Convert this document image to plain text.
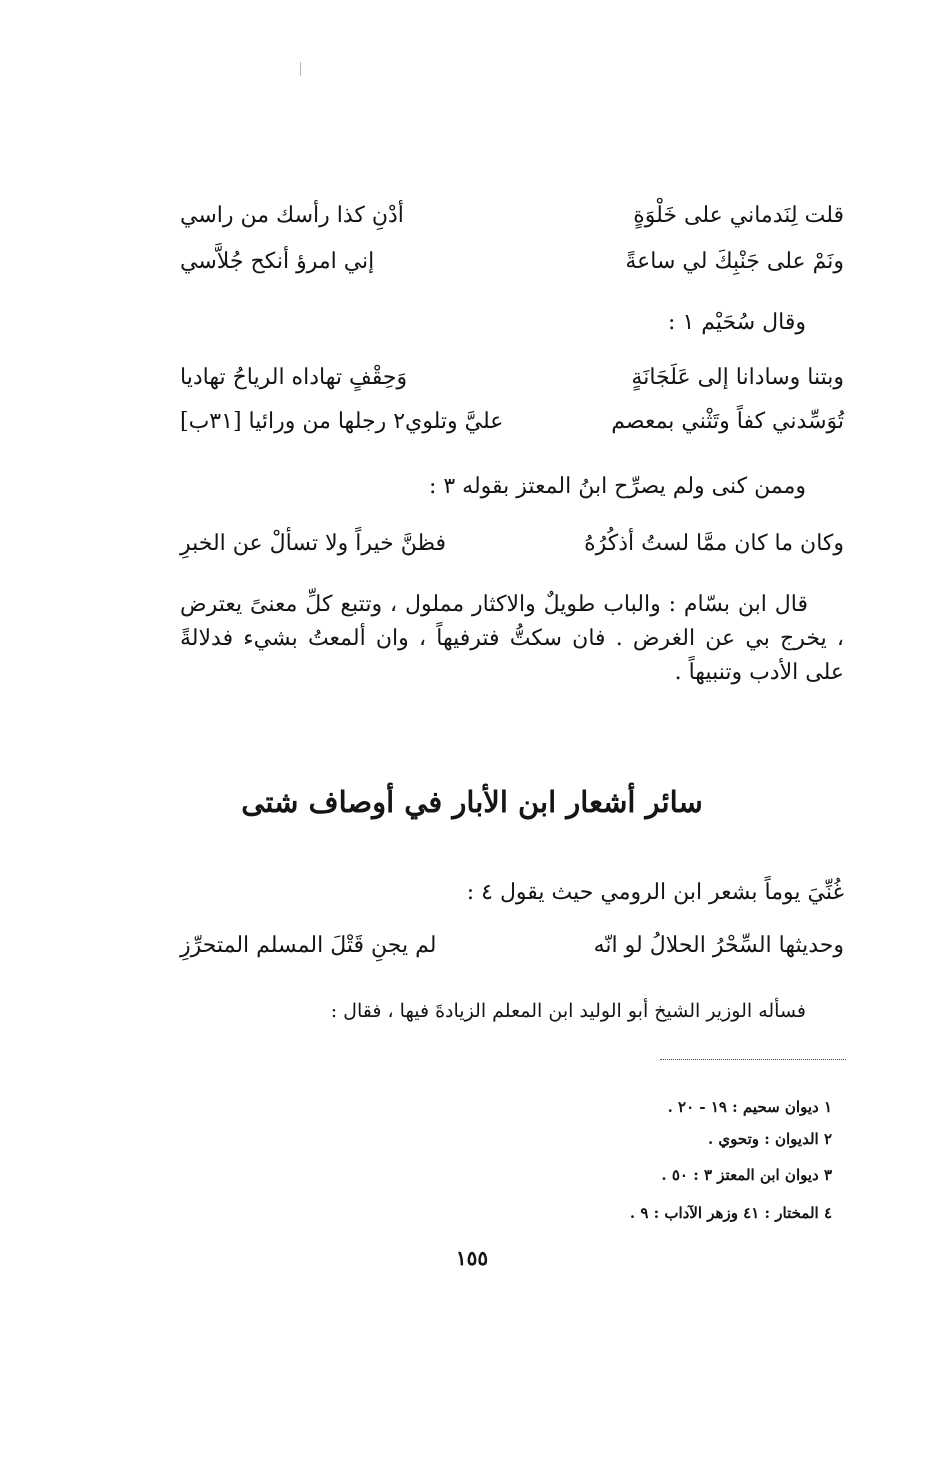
قلت لِنَدماني على خَلْوَةٍ
أدْنِ كذا رأسك من راسي
ونَمْ على جَنْبِكَ لي ساعةً
إني امرؤ أنكح جُلاَّسي
وقال سُحَيْم ١ :
وبتنا وسادانا إلى عَلَجَانَةٍ
وَحِقْفٍ تهاداه الرياحُ تهاديا
تُوَسِّدني كفاً وتَثْني بمعصم
عليَّ وتلوي٢ رجلها من ورائيا [٣١ب]
وممن كنى ولم يصرِّح ابنُ المعتز بقوله ٣ :
وكان ما كان ممَّا لستُ أذكُرُهُ
فظنَّ خيراً ولا تسألْ عن الخبرِ
قال ابن بسّام : والباب طويلٌ والاكثار مملول ، وتتبع كلِّ معنىً يعترض ، يخرج بي عن الغرض . فان سكتُّ فترفيهاً ، وان ألمعتُ بشيء فدلالةً على الأدب وتنبيهاً .
سائر أشعار ابن الأبار في أوصاف شتى
غُنِّيَ يوماً بشعر ابن الرومي حيث يقول ٤ :
وحديثها السِّحْرُ الحلالُ لو انّه
لم يجنِ قَتْلَ المسلم المتحرِّزِ
فسأله الوزير الشيخ أبو الوليد ابن المعلم الزيادةَ فيها ، فقال :
١ ديوان سحيم : ١٩ - ٢٠ .
٢ الديوان : وتحوي .
٣ ديوان ابن المعتز ٣ : ٥٠ .
٤ المختار : ٤١ وزهر الآداب : ٩ .
١٥٥
